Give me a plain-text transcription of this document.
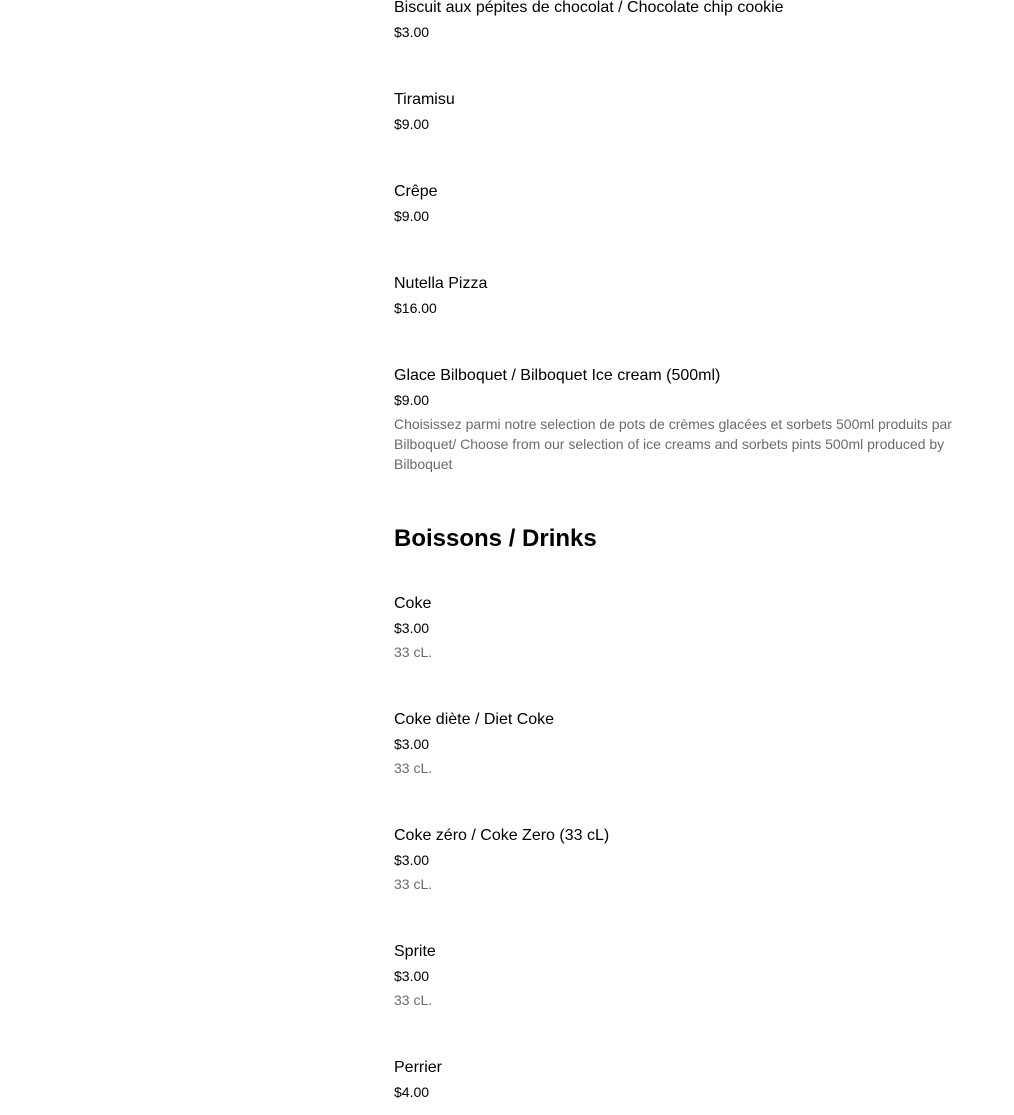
Biscuit aux pépites de chocolat / Chocolate chip cookie
$3.00
Tiramisu
$9.00
Crêpe
$9.00
Nutella Pizza
$16.00
Glace Bilboquet / Bilboquet Ice cream (500ml)
$9.00
Choisissez parmi notre selection de pots de crèmes glacées et sorbets 500ml produits par Bilboquet/ Choose from our selection of ice creams and sorbets pints 500ml produced by Bilboquet
Boissons / Drinks
Coke
$3.00
33 cL.
Coke diète / Diet Coke
$3.00
33 cL.
Coke zéro / Coke Zero (33 cL)
$3.00
33 cL.
Sprite
$3.00
33 cL.
Perrier
$4.00
